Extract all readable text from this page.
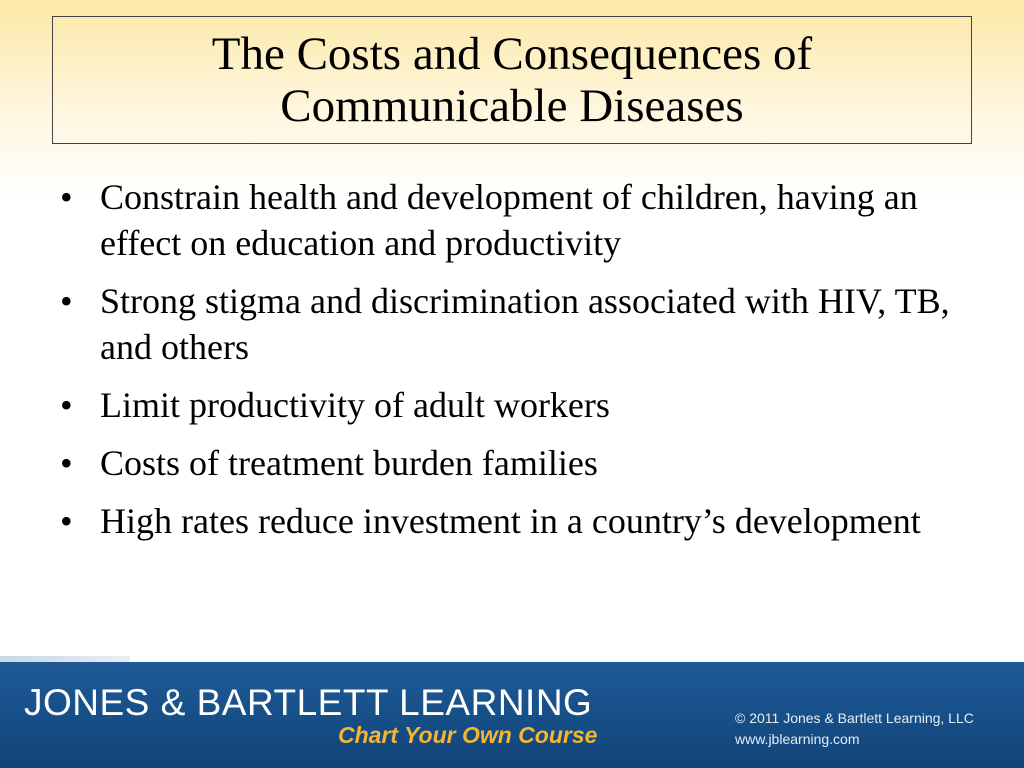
The Costs and Consequences of
Communicable Diseases
• Constrain health and development of children, having an effect on education and productivity
• Strong stigma and discrimination associated with HIV, TB, and others
• Limit productivity of adult workers
• Costs of treatment burden families
• High rates reduce investment in a country’s development
JONES & BARTLETT LEARNING
Chart Your Own Course
© 2011 Jones & Bartlett Learning, LLC
www.jblearning.com
